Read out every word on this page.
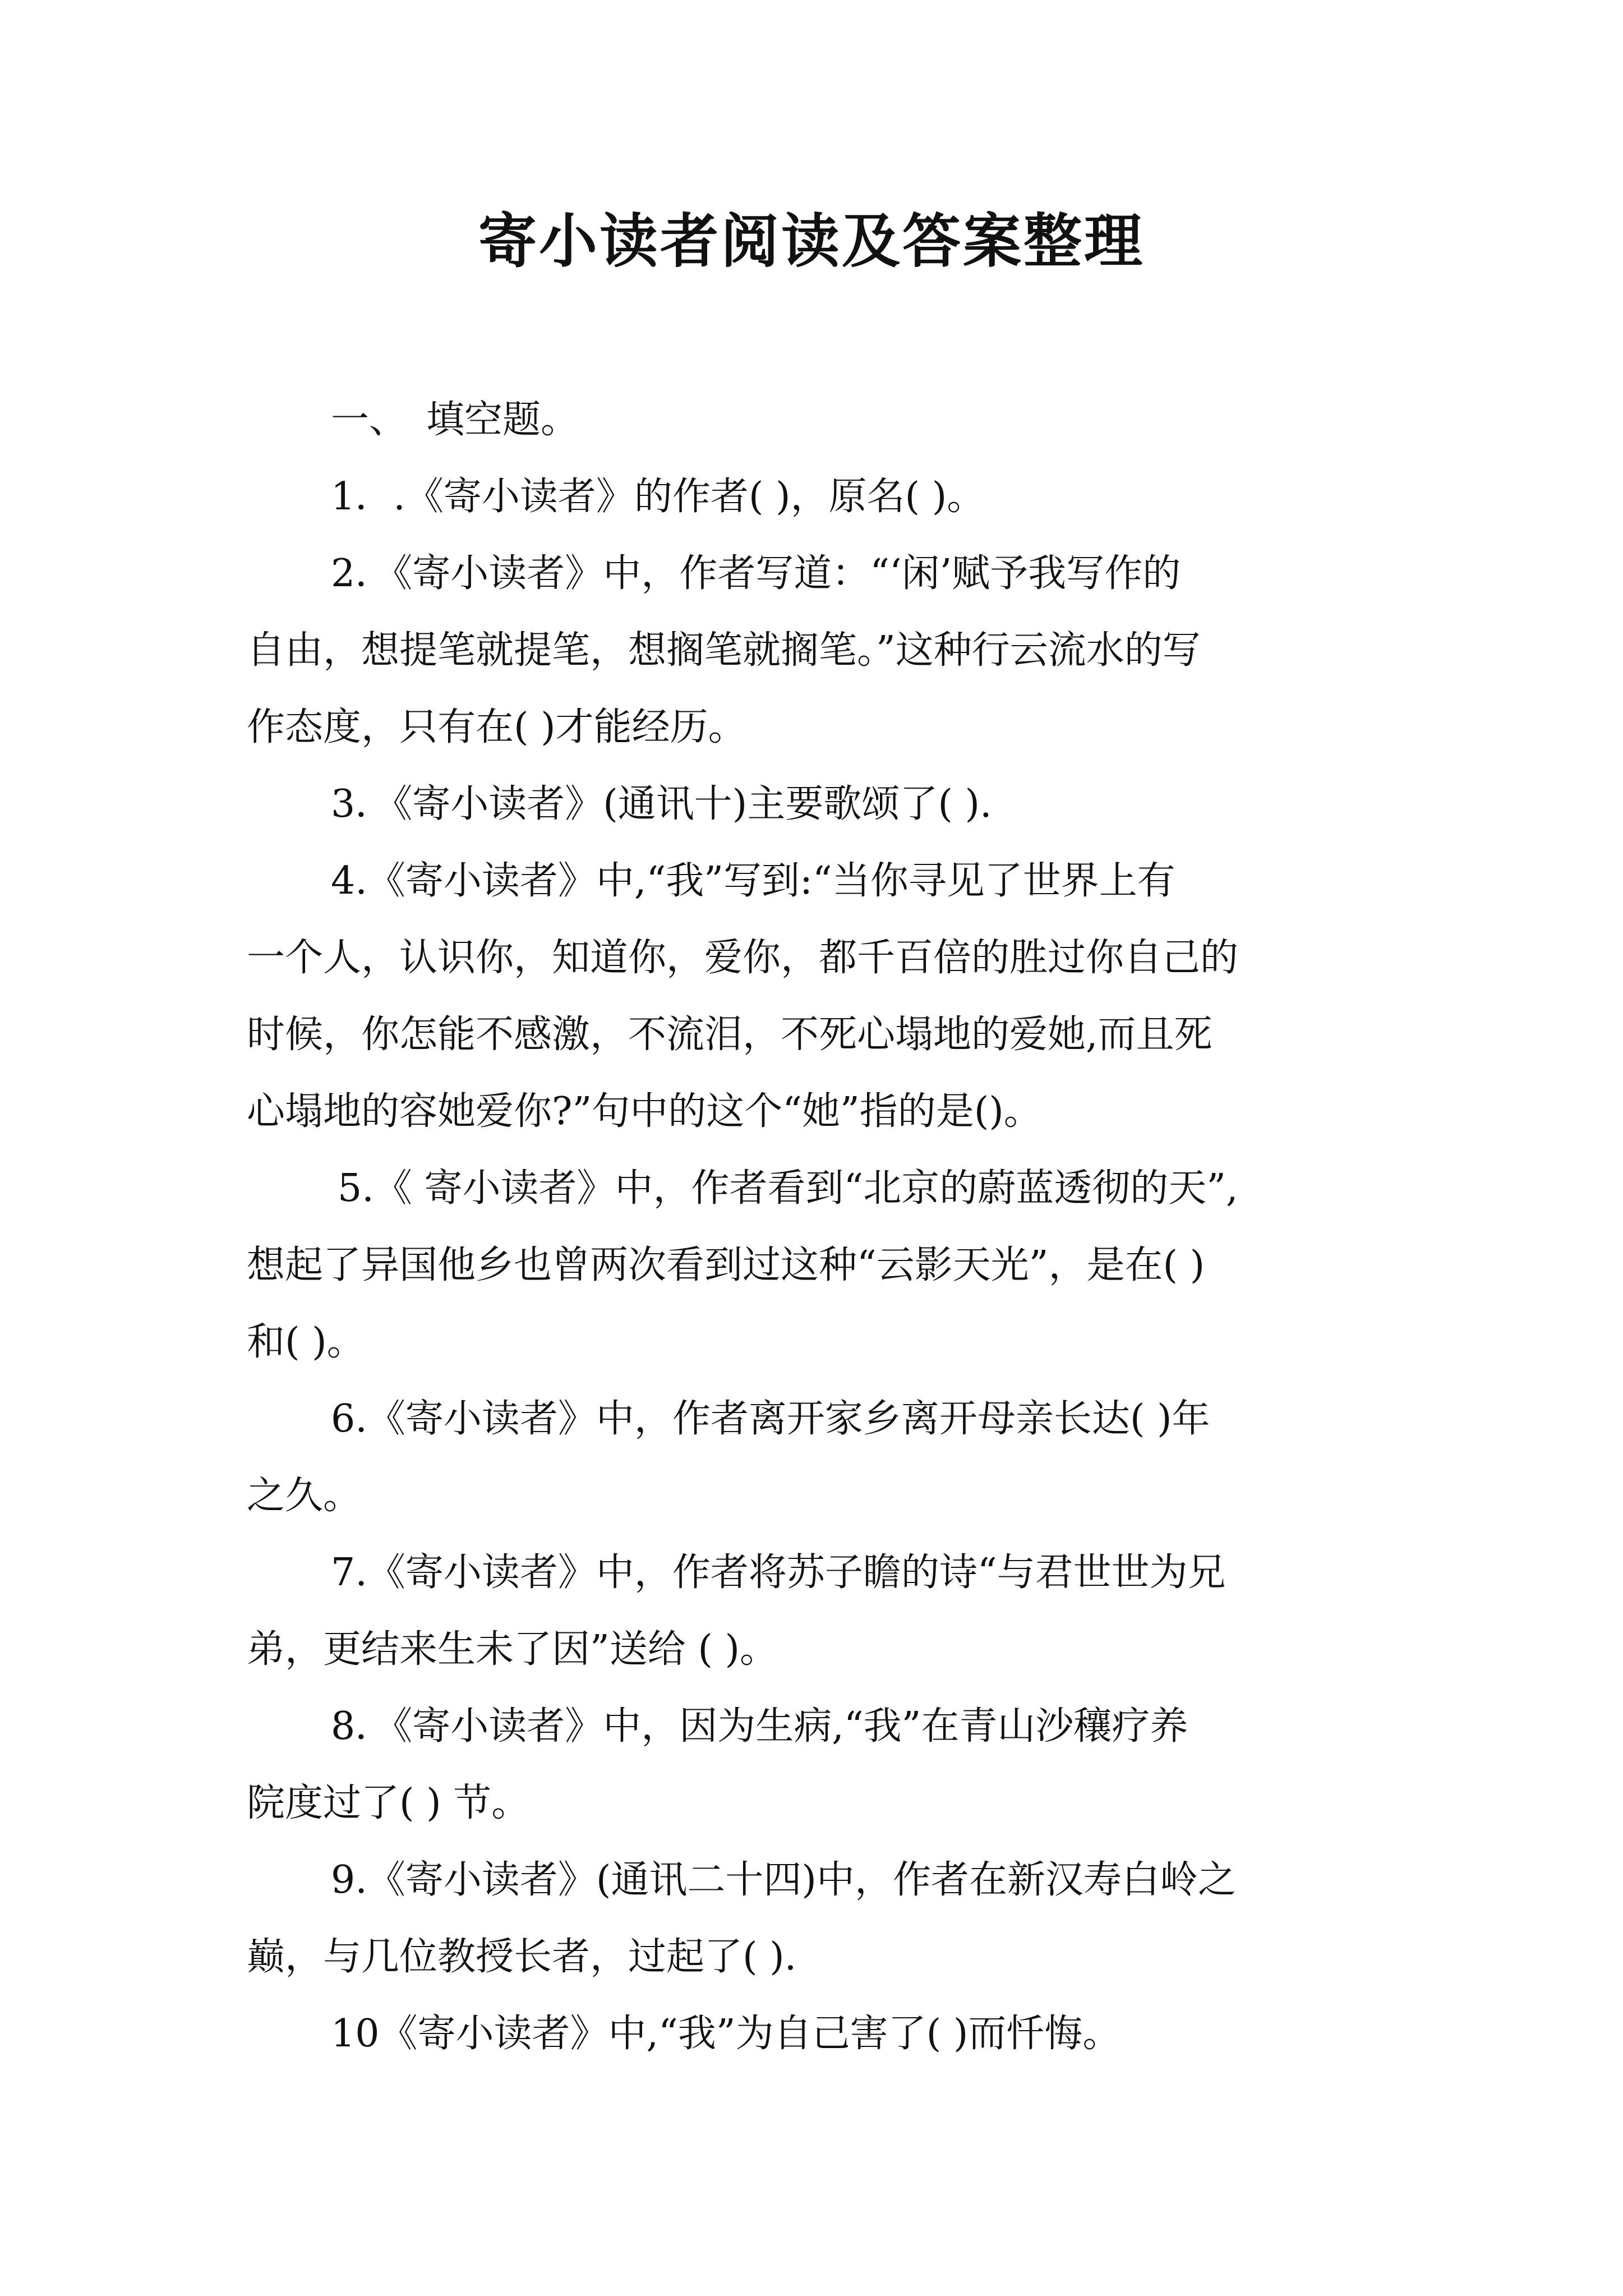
寄小读者阅读及答案整理
一、　填空题。
1．.《寄小读者》的作者( )，原名( )。
2．《寄小读者》中，作者写道：“‘闲’赋予我写作的
自由，想提笔就提笔，想搁笔就搁笔。”这种行云流水的写
作态度，只有在( )才能经历。
3．《寄小读者》(通讯十)主要歌颂了( ).
4.《寄小读者》中,“我”写到:“当你寻见了世界上有
一个人，认识你，知道你，爱你，都千百倍的胜过你自己的
时候，你怎能不感激，不流泪，不死心塌地的爱她,而且死
心塌地的容她爱你?”句中的这个“她”指的是()。
5.《 寄小读者》中，作者看到“北京的蔚蓝透彻的天”,
想起了异国他乡也曾两次看到过这种“云影天光”，是在( )
和( )。
6.《寄小读者》中，作者离开家乡离开母亲长达( )年
之久。
7.《寄小读者》中，作者将苏子瞻的诗“与君世世为兄
弟，更结来生未了因”送给 ( )。
8．《寄小读者》中，因为生病,“我”在青山沙穰疗养
院度过了( ) 节。
9.《寄小读者》(通讯二十四)中，作者在新汉寿白岭之
巅，与几位教授长者，过起了( ).
10《寄小读者》中,“我”为自己害了( )而忏悔。
